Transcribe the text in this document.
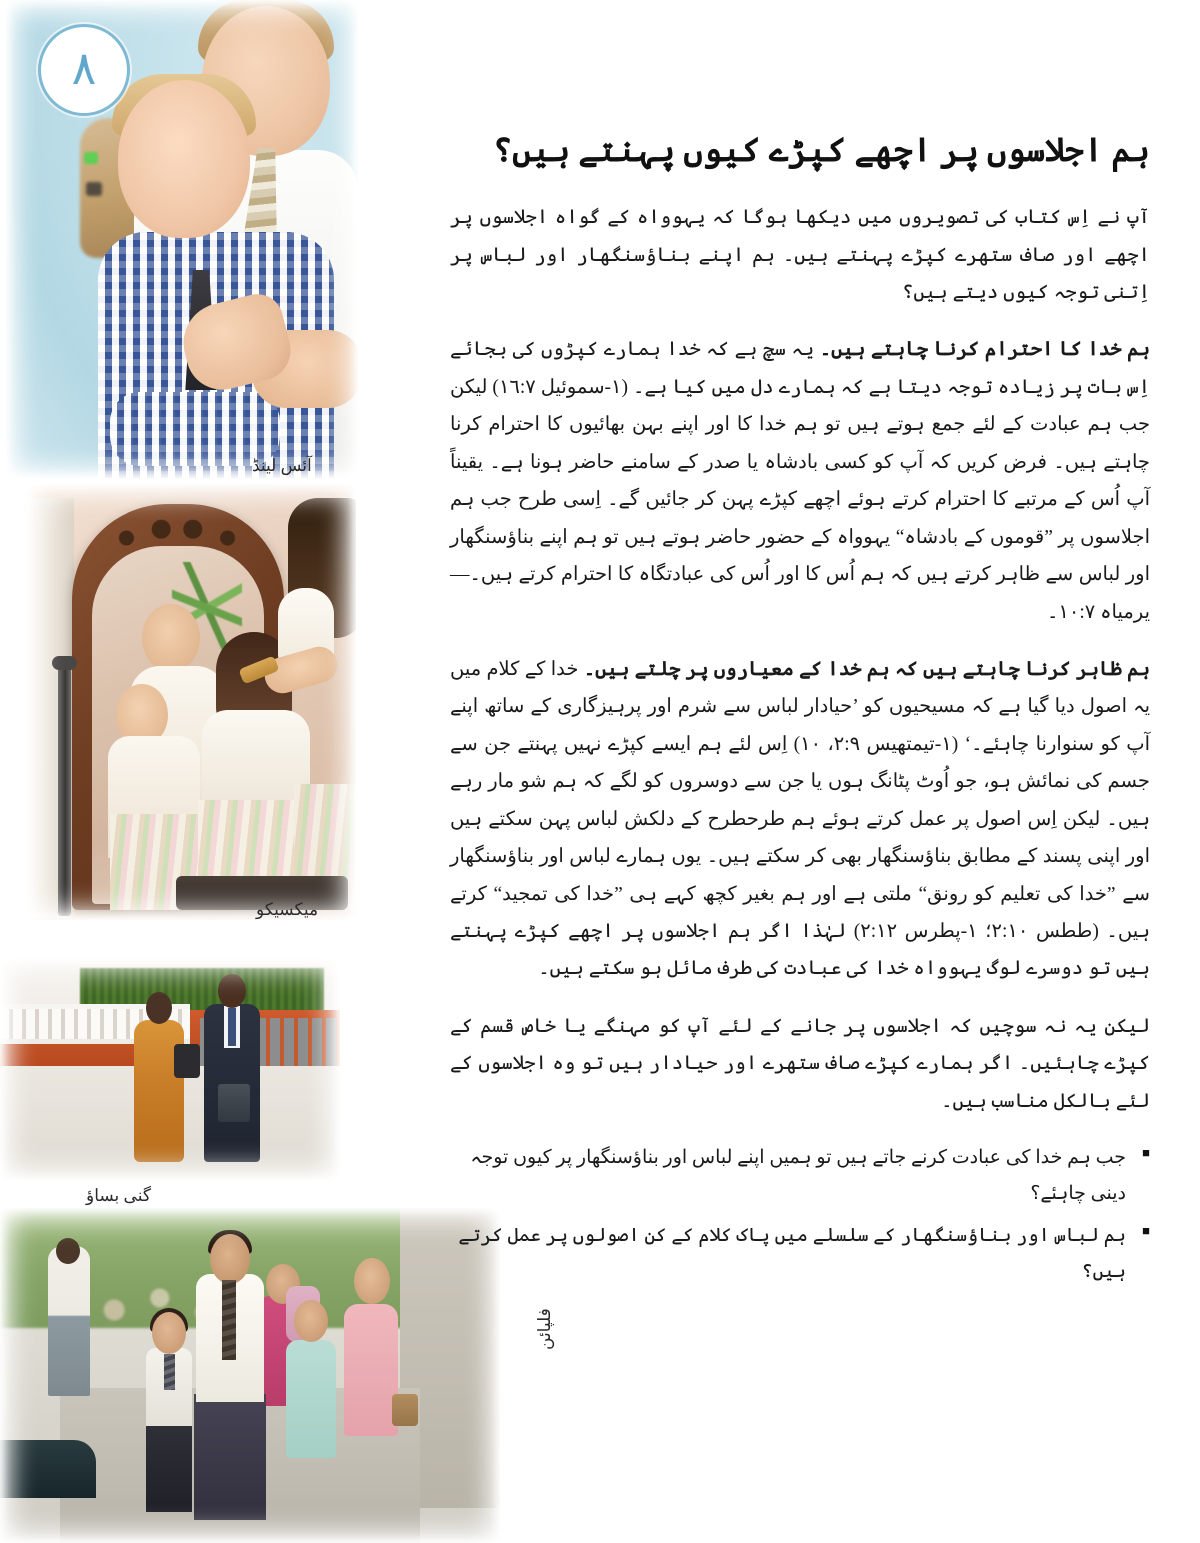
٨
آئس لینڈ
میکسیکو
گنی بساؤ
فلپائن
ہم اجلاسوں پر اچھے کپڑے کیوں پہنتے ہیں؟

آپ نے اِس کتاب کی تصویروں میں دیکھا ہوگا کہ یہوواہ کے گواہ اجلاسوں پر اچھے اور صاف ستھرے کپڑے پہنتے ہیں۔ ہم اپنے بناؤسنگھار اور لباس پر اِتنی توجہ کیوں دیتے ہیں؟

ہم خدا کا احترام کرنا چاہتے ہیں۔ یہ سچ ہے کہ خدا ہمارے کپڑوں کی بجائے اِس بات پر زیادہ توجہ دیتا ہے کہ ہمارے دل میں کیا ہے۔ (١-سموئیل ١٦:٧) لیکن جب ہم عبادت کے لئے جمع ہوتے ہیں تو ہم خدا کا اور اپنے بہن بھائیوں کا احترام کرنا چاہتے ہیں۔ فرض کریں کہ آپ کو کسی بادشاہ یا صدر کے سامنے حاضر ہونا ہے۔ یقیناً آپ اُس کے مرتبے کا احترام کرتے ہوئے اچھے کپڑے پہن کر جائیں گے۔ اِسی طرح جب ہم اجلاسوں پر ”قوموں کے بادشاہ“ یہوواہ کے حضور حاضر ہوتے ہیں تو ہم اپنے بناؤسنگھار اور لباس سے ظاہر کرتے ہیں کہ ہم اُس کا اور اُس کی عبادتگاہ کا احترام کرتے ہیں۔—یرمیاہ ١٠:٧۔

ہم ظاہر کرنا چاہتے ہیں کہ ہم خدا کے معیاروں پر چلتے ہیں۔ خدا کے کلام میں یہ اصول دیا گیا ہے کہ مسیحیوں کو ’حیادار لباس سے شرم اور پرہیزگاری کے ساتھ اپنے آپ کو سنوارنا چاہئے۔‘ (١-تیمتھیس ٢:٩، ١٠) اِس لئے ہم ایسے کپڑے نہیں پہنتے جن سے جسم کی نمائش ہو، جو اُوٹ پٹانگ ہوں یا جن سے دوسروں کو لگے کہ ہم شو مار رہے ہیں۔ لیکن اِس اصول پر عمل کرتے ہوئے ہم طرحطرح کے دلکش لباس پہن سکتے ہیں اور اپنی پسند کے مطابق بناؤسنگھار بھی کر سکتے ہیں۔ یوں ہمارے لباس اور بناؤسنگھار سے ”خدا کی تعلیم کو رونق“ ملتی ہے اور ہم بغیر کچھ کہے ہی ”خدا کی تمجید“ کرتے ہیں۔ (ططس ٢:١٠؛ ١-پطرس ٢:١٢) لہٰذا اگر ہم اجلاسوں پر اچھے کپڑے پہنتے ہیں تو دوسرے لوگ یہوواہ خدا کی عبادت کی طرف مائل ہو سکتے ہیں۔

لیکن یہ نہ سوچیں کہ اجلاسوں پر جانے کے لئے آپ کو مہنگے یا خاص قسم کے کپڑے چاہئیں۔ اگر ہمارے کپڑے صاف ستھرے اور حیادار ہیں تو وہ اجلاسوں کے لئے بالکل مناسب ہیں۔

■ جب ہم خدا کی عبادت کرنے جاتے ہیں تو ہمیں اپنے لباس اور بناؤسنگھار پر کیوں توجہ دینی چاہئے؟
■ ہم لباس اور بناؤسنگھار کے سلسلے میں پاک کلام کے کن اصولوں پر عمل کرتے ہیں؟
